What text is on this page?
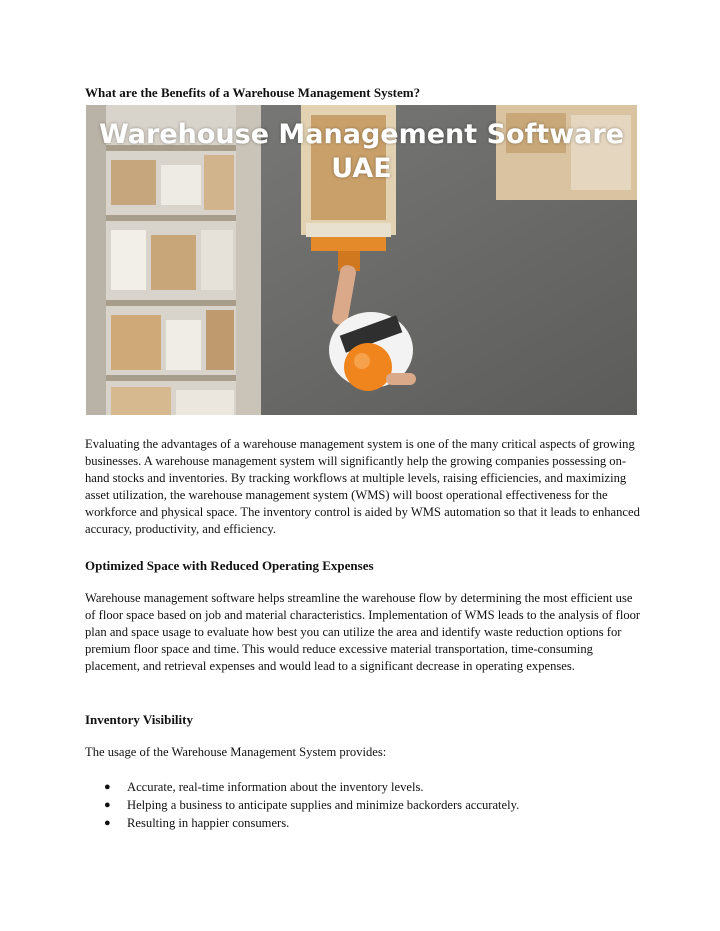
What are the Benefits of a Warehouse Management System?
Warehouse Management Software
UAE

Evaluating the advantages of a warehouse management system is one of the many critical aspects of growing businesses. A warehouse management system will significantly help the growing companies possessing on-hand stocks and inventories. By tracking workflows at multiple levels, raising efficiencies, and maximizing asset utilization, the warehouse management system (WMS) will boost operational effectiveness for the workforce and physical space. The inventory control is aided by WMS automation so that it leads to enhanced accuracy, productivity, and efficiency.

Optimized Space with Reduced Operating Expenses

Warehouse management software helps streamline the warehouse flow by determining the most efficient use of floor space based on job and material characteristics. Implementation of WMS leads to the analysis of floor plan and space usage to evaluate how best you can utilize the area and identify waste reduction options for premium floor space and time. This would reduce excessive material transportation, time-consuming placement, and retrieval expenses and would lead to a significant decrease in operating expenses.

Inventory Visibility

The usage of the Warehouse Management System provides:

● Accurate, real-time information about the inventory levels.
● Helping a business to anticipate supplies and minimize backorders accurately.
● Resulting in happier consumers.
